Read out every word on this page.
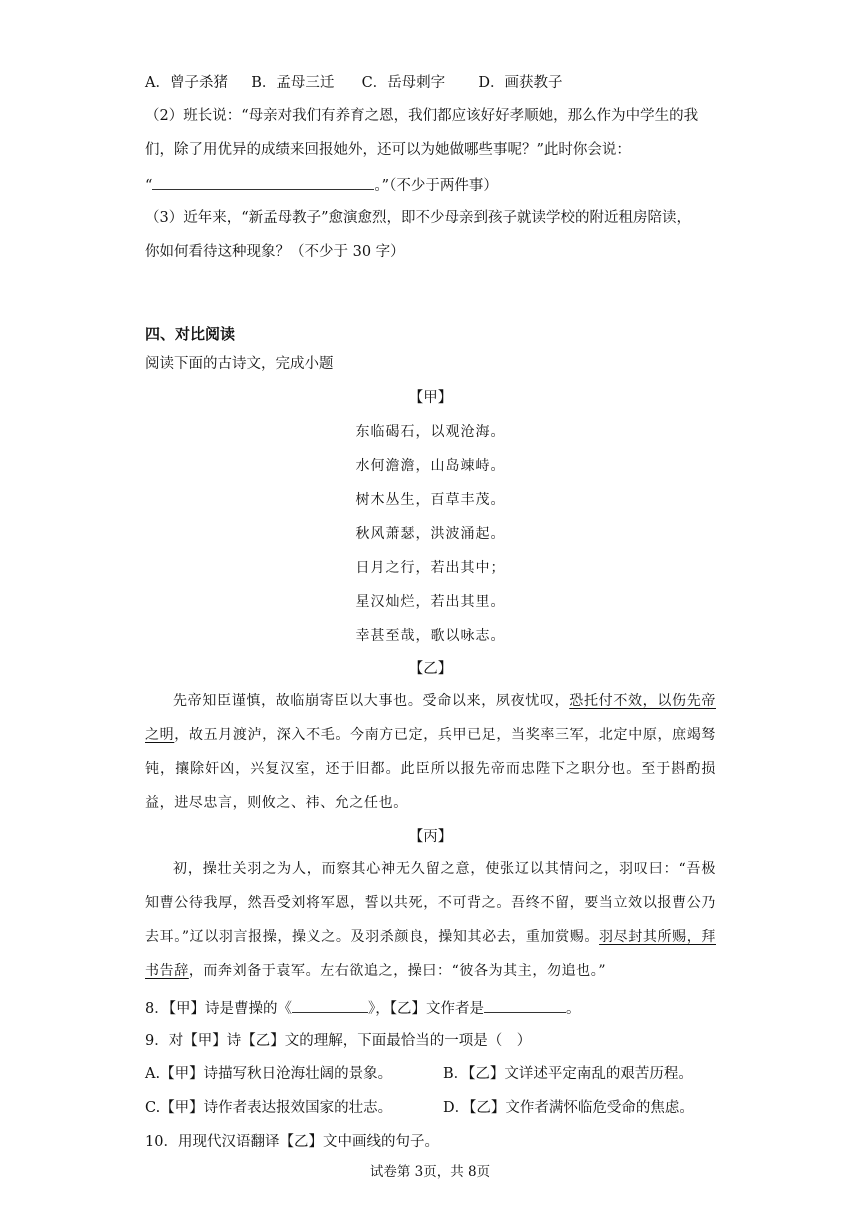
A．曾子杀猪 B．孟母三迁 C．岳母刺字 D．画获教子
（2）班长说：“母亲对我们有养育之恩，我们都应该好好孝顺她，那么作为中学生的我
们，除了用优异的成绩来回报她外，还可以为她做哪些事呢？”此时你会说：
“	。”（不少于两件事）
（3）近年来，“新孟母教子”愈演愈烈，即不少母亲到孩子就读学校的附近租房陪读，
你如何看待这种现象？（不少于 30 字）
四、对比阅读
阅读下面的古诗文，完成小题
【甲】
东临碣石，以观沧海。
水何澹澹，山岛竦峙。
树木丛生，百草丰茂。
秋风萧瑟，洪波涌起。
日月之行，若出其中；
星汉灿烂，若出其里。
幸甚至哉，歌以咏志。
【乙】
先帝知臣谨慎，故临崩寄臣以大事也。受命以来，夙夜忧叹，恐托付不效，以伤先帝之明，故五月渡泸，深入不毛。今南方已定，兵甲已足，当奖率三军，北定中原，庶竭驽钝，攘除奸凶，兴复汉室，还于旧都。此臣所以报先帝而忠陛下之职分也。至于斟酌损益，进尽忠言，则攸之、祎、允之任也。
【丙】
初，操壮关羽之为人，而察其心神无久留之意，使张辽以其情问之，羽叹曰：“吾极知曹公待我厚，然吾受刘将军恩，誓以共死，不可背之。吾终不留，要当立效以报曹公乃去耳。”辽以羽言报操，操义之。及羽杀颜良，操知其必去，重加赏赐。羽尽封其所赐，拜书告辞，而奔刘备于袁军。左右欲追之，操曰：“彼各为其主，勿追也。”
8．【甲】诗是曹操的《	》，【乙】文作者是	。
9．对【甲】诗【乙】文的理解，下面最恰当的一项是（　）
A.【甲】诗描写秋日沧海壮阔的景象。	B．【乙】文详述平定南乱的艰苦历程。
C.【甲】诗作者表达报效国家的壮志。	D．【乙】文作者满怀临危受命的焦虑。
10．用现代汉语翻译【乙】文中画线的句子。
试卷第 3页，共 8页
